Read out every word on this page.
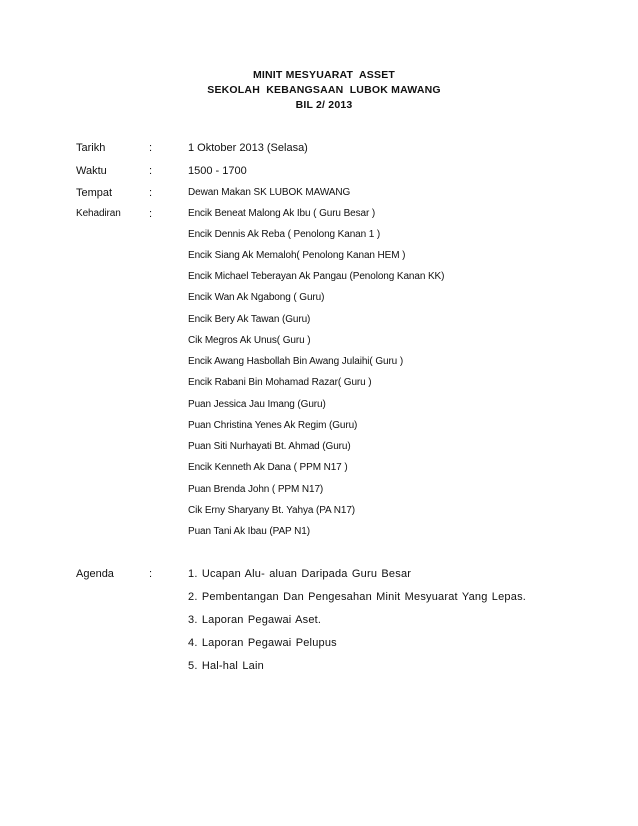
MINIT MESYUARAT  ASSET
SEKOLAH  KEBANGSAAN  LUBOK MAWANG
BIL 2/ 2013
Tarikh	:	1 Oktober 2013 (Selasa)
Waktu	:	1500 - 1700
Tempat	:	Dewan Makan SK LUBOK MAWANG
Kehadiran	:	Encik Beneat Malong Ak Ibu ( Guru Besar )
Encik Dennis Ak Reba ( Penolong Kanan 1 )
Encik Siang Ak Memaloh( Penolong Kanan HEM )
Encik Michael Teberayan Ak Pangau (Penolong Kanan KK)
Encik Wan Ak Ngabong ( Guru)
Encik Bery Ak Tawan (Guru)
Cik Megros Ak Unus( Guru )
Encik Awang Hasbollah Bin Awang Julaihi( Guru )
Encik Rabani Bin Mohamad Razar( Guru )
Puan Jessica Jau Imang (Guru)
Puan Christina Yenes Ak Regim (Guru)
Puan Siti Nurhayati Bt. Ahmad (Guru)
Encik Kenneth Ak Dana ( PPM N17 )
Puan Brenda John ( PPM N17)
Cik Erny Sharyany Bt. Yahya (PA N17)
Puan Tani Ak Ibau (PAP N1)
Agenda	:	1. Ucapan Alu- aluan Daripada Guru Besar
2. Pembentangan Dan Pengesahan Minit Mesyuarat Yang Lepas.
3. Laporan Pegawai Aset.
4. Laporan Pegawai Pelupus
5. Hal-hal Lain
